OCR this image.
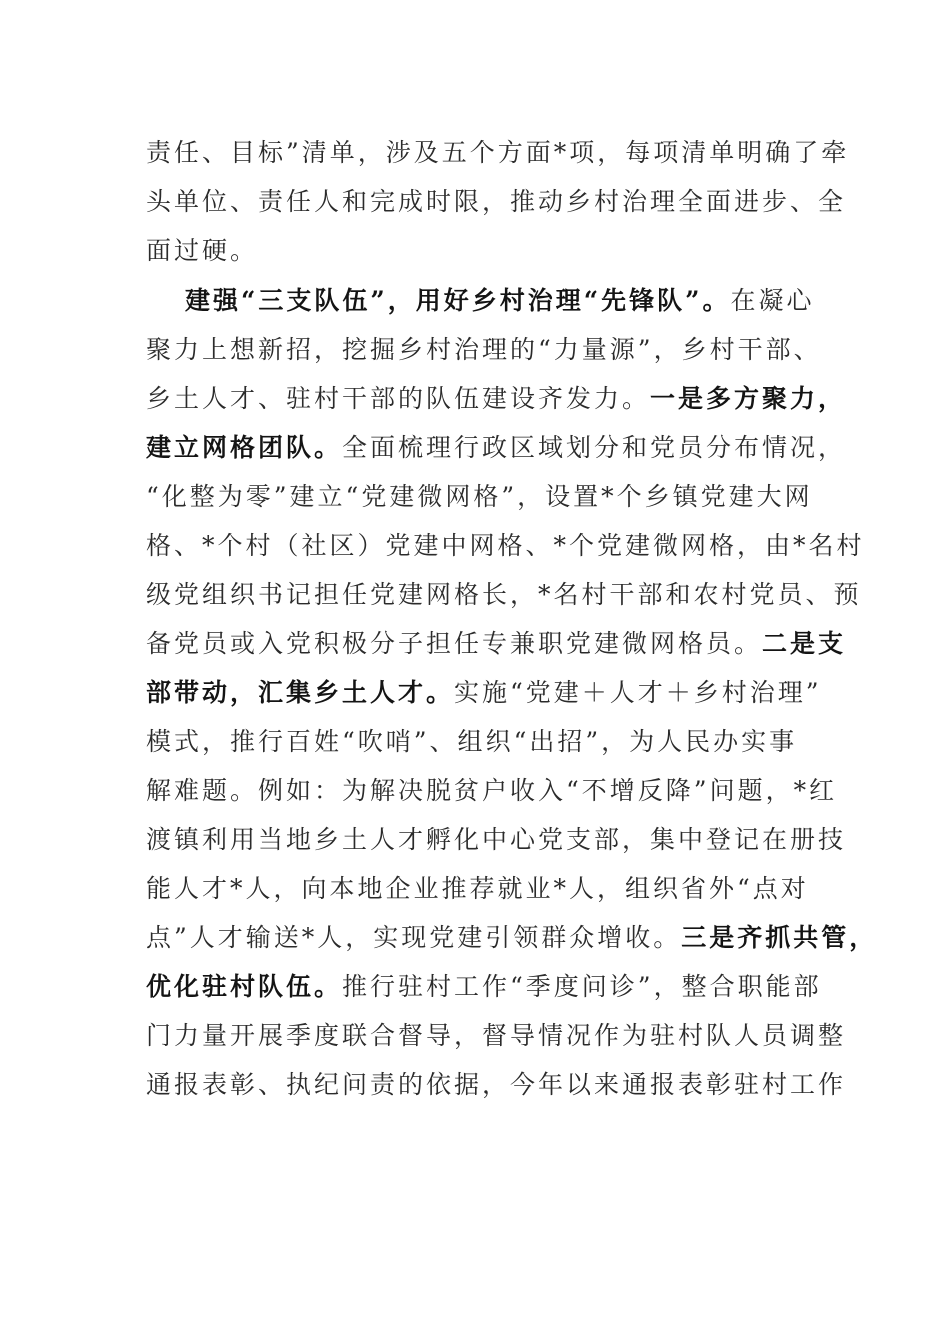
责任、目标”清单，涉及五个方面*项，每项清单明确了牵
头单位、责任人和完成时限，推动乡村治理全面进步、全
面过硬。
建强“三支队伍”，用好乡村治理“先锋队”。在凝心
聚力上想新招，挖掘乡村治理的“力量源”，乡村干部、
乡土人才、驻村干部的队伍建设齐发力。一是多方聚力，
建立网格团队。全面梳理行政区域划分和党员分布情况，
“化整为零”建立“党建微网格”，设置*个乡镇党建大网
格、*个村（社区）党建中网格、*个党建微网格，由*名村
级党组织书记担任党建网格长，*名村干部和农村党员、预
备党员或入党积极分子担任专兼职党建微网格员。二是支
部带动，汇集乡土人才。实施“党建＋人才＋乡村治理”
模式，推行百姓“吹哨”、组织“出招”，为人民办实事
解难题。例如：为解决脱贫户收入“不增反降”问题，*红
渡镇利用当地乡土人才孵化中心党支部，集中登记在册技
能人才*人，向本地企业推荐就业*人，组织省外“点对
点”人才输送*人，实现党建引领群众增收。三是齐抓共管，
优化驻村队伍。推行驻村工作“季度问诊”，整合职能部
门力量开展季度联合督导，督导情况作为驻村队人员调整
通报表彰、执纪问责的依据，今年以来通报表彰驻村工作
